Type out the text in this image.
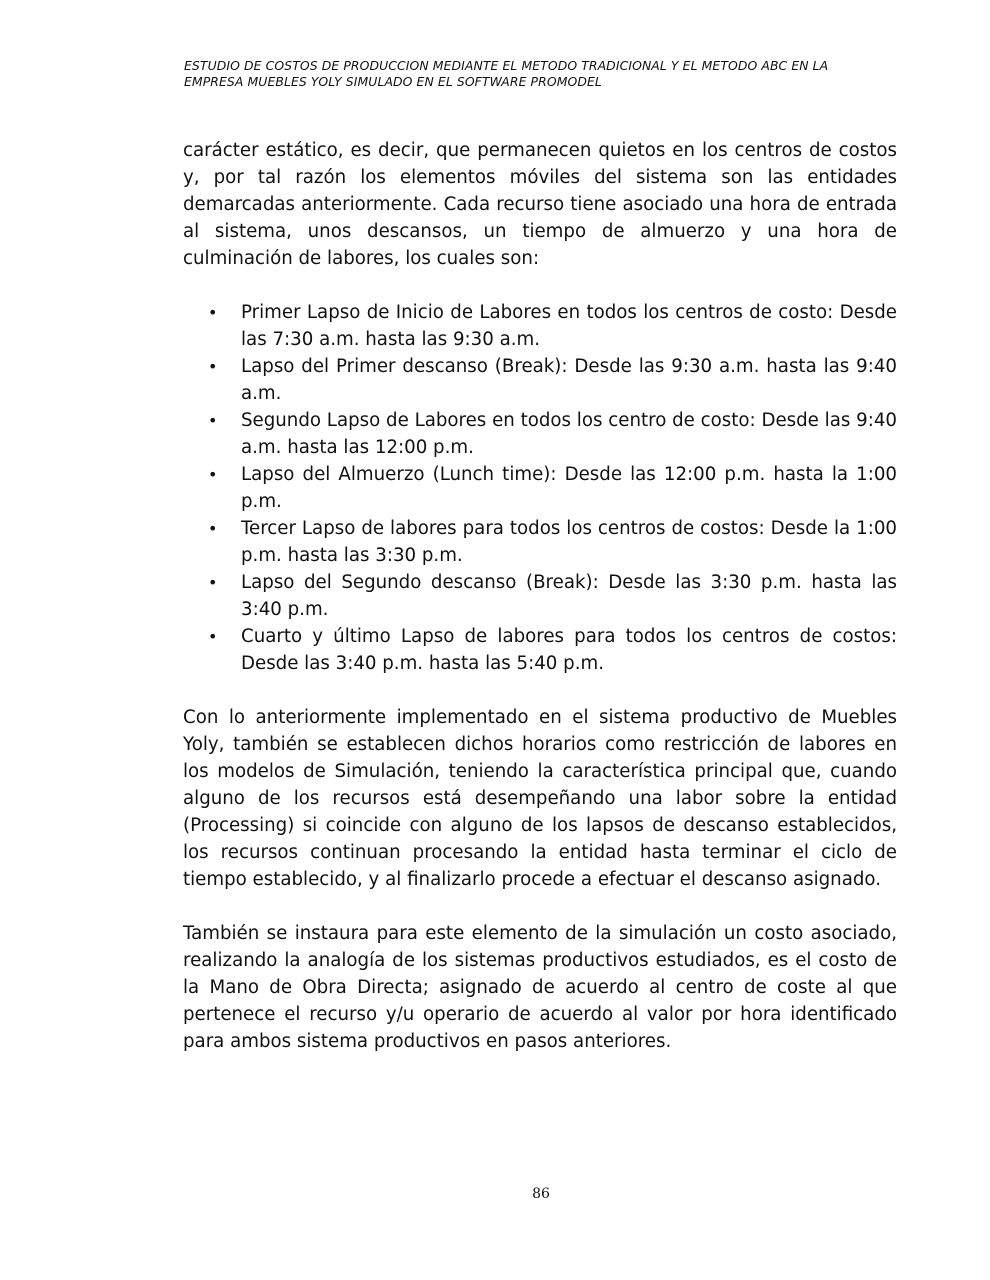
ESTUDIO DE COSTOS DE PRODUCCION MEDIANTE EL METODO TRADICIONAL Y EL METODO ABC EN LA
EMPRESA MUEBLES YOLY SIMULADO EN EL SOFTWARE PROMODEL

carácter estático, es decir, que permanecen quietos en los centros de costos y, por tal razón los elementos móviles del sistema son las entidades demarcadas anteriormente. Cada recurso tiene asociado una hora de entrada al sistema, unos descansos, un tiempo de almuerzo y una hora de culminación de labores, los cuales son:

• Primer Lapso de Inicio de Labores en todos los centros de costo: Desde las 7:30 a.m. hasta las 9:30 a.m.
• Lapso del Primer descanso (Break): Desde las 9:30 a.m. hasta las 9:40 a.m.
• Segundo Lapso de Labores en todos los centro de costo: Desde las 9:40 a.m. hasta las 12:00 p.m.
• Lapso del Almuerzo (Lunch time): Desde las 12:00 p.m. hasta la 1:00 p.m.
• Tercer Lapso de labores para todos los centros de costos: Desde la 1:00 p.m. hasta las 3:30 p.m.
• Lapso del Segundo descanso (Break): Desde las 3:30 p.m. hasta las 3:40 p.m.
• Cuarto y último Lapso de labores para todos los centros de costos: Desde las 3:40 p.m. hasta las 5:40 p.m.

Con lo anteriormente implementado en el sistema productivo de Muebles Yoly, también se establecen dichos horarios como restricción de labores en los modelos de Simulación, teniendo la característica principal que, cuando alguno de los recursos está desempeñando una labor sobre la entidad (Processing) si coincide con alguno de los lapsos de descanso establecidos, los recursos continuan procesando la entidad hasta terminar el ciclo de tiempo establecido, y al finalizarlo procede a efectuar el descanso asignado.

También se instaura para este elemento de la simulación un costo asociado, realizando la analogía de los sistemas productivos estudiados, es el costo de la Mano de Obra Directa; asignado de acuerdo al centro de coste al que pertenece el recurso y/u operario de acuerdo al valor por hora identificado para ambos sistema productivos en pasos anteriores.

86
